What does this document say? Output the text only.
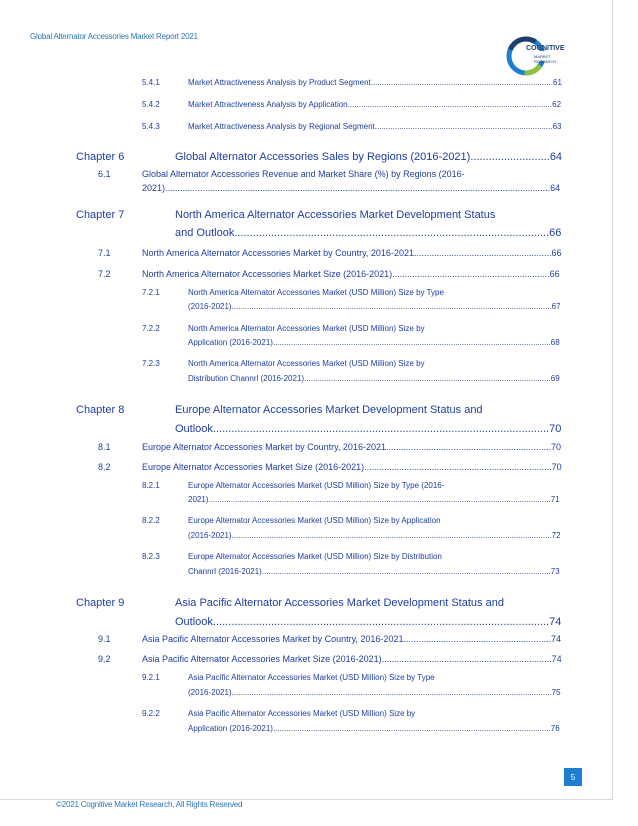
Global Alternator Accessories Market Report 2021
COGNITIVE
MARKET
RESEARCH
5.4.1	Market Attractiveness Analysis by Product Segment..................................................................................61
5.4.2	Market Attractiveness Analysis by Application............................................................................................62
5.4.3	Market Attractiveness Analysis by Regional Segment................................................................................63
Chapter 6	Global Alternator Accessories Sales by Regions (2016-2021)..........................64
6.1	Global Alternator Accessories Revenue and Market Share (%) by Regions (2016-
2021)..........................................................................................................................................................64
Chapter 7	North America Alternator Accessories Market Development Status
and Outlook.......................................................................................................66
7.1	North America Alternator Accessories Market by Country, 2016-2021.......................................................66
7.2	North America Alternator Accessories Market Size (2016-2021)...............................................................66
7.2.1	North America Alternator Accessories Market (USD Million) Size by Type
(2016-2021)................................................................................................................................................67
7.2.2	North America Alternator Accessories Market (USD Million) Size by
Application (2016-2021).............................................................................................................................68
7.2.3	North America Alternator Accessories Market (USD Million) Size by
Distribution Channrl (2016-2021)...............................................................................................................69
Chapter 8	Europe Alternator Accessories Market Development Status and
Outlook..............................................................................................................70
8.1	Europe Alternator Accessories Market by Country, 2016-2021..................................................................70
8.2	Europe Alternator Accessories Market Size (2016-2021)...........................................................................70
8.2.1	Europe Alternator Accessories Market (USD Million) Size by Type (2016-
2021)..........................................................................................................................................................71
8.2.2	Europe Alternator Accessories Market (USD Million) Size by Application
(2016-2021)................................................................................................................................................72
8.2.3	Europe Alternator Accessories Market (USD Million) Size by Distribution
Channrl (2016-2021)..................................................................................................................................73
Chapter 9	Asia Pacific Alternator Accessories Market Development Status and
Outlook..............................................................................................................74
9.1	Asia Pacific Alternator Accessories Market by Country, 2016-2021...........................................................74
9.2	Asia Pacific Alternator Accessories Market Size (2016-2021)....................................................................74
9.2.1	Asia Pacific Alternator Accessories Market (USD Million) Size by Type
(2016-2021)................................................................................................................................................75
9.2.2	Asia Pacific Alternator Accessories Market (USD Million) Size by
Application (2016-2021).............................................................................................................................76
5
©2021 Cognitive Market Research, All Rights Reserved
